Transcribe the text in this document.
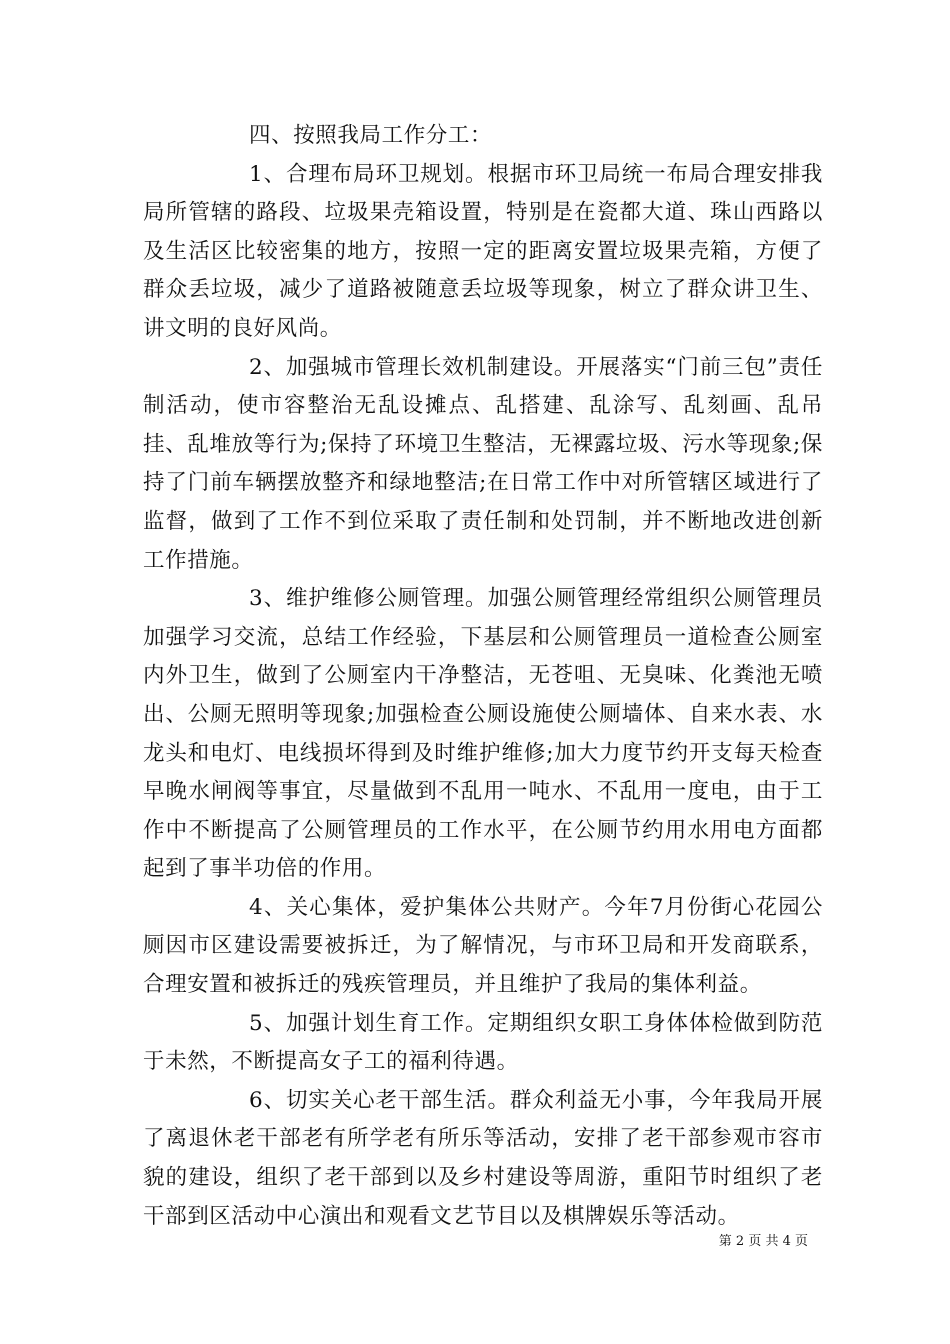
四、按照我局工作分工：

1、合理布局环卫规划。根据市环卫局统一布局合理安排我局所管辖的路段、垃圾果壳箱设置，特别是在瓷都大道、珠山西路以及生活区比较密集的地方，按照一定的距离安置垃圾果壳箱，方便了群众丢垃圾，减少了道路被随意丢垃圾等现象，树立了群众讲卫生、讲文明的良好风尚。

2、加强城市管理长效机制建设。开展落实“门前三包”责任制活动，使市容整治无乱设摊点、乱搭建、乱涂写、乱刻画、乱吊挂、乱堆放等行为;保持了环境卫生整洁，无裸露垃圾、污水等现象;保持了门前车辆摆放整齐和绿地整洁;在日常工作中对所管辖区域进行了监督，做到了工作不到位采取了责任制和处罚制，并不断地改进创新工作措施。

3、维护维修公厕管理。加强公厕管理经常组织公厕管理员加强学习交流，总结工作经验，下基层和公厕管理员一道检查公厕室内外卫生，做到了公厕室内干净整洁，无苍咀、无臭味、化粪池无喷出、公厕无照明等现象;加强检查公厕设施使公厕墙体、自来水表、水龙头和电灯、电线损坏得到及时维护维修;加大力度节约开支每天检查早晚水闸阀等事宜，尽量做到不乱用一吨水、不乱用一度电，由于工作中不断提高了公厕管理员的工作水平，在公厕节约用水用电方面都起到了事半功倍的作用。

4、关心集体，爱护集体公共财产。今年7月份街心花园公厕因市区建设需要被拆迁，为了解情况，与市环卫局和开发商联系，合理安置和被拆迁的残疾管理员，并且维护了我局的集体利益。

5、加强计划生育工作。定期组织女职工身体体检做到防范于未然，不断提高女子工的福利待遇。

6、切实关心老干部生活。群众利益无小事，今年我局开展了离退休老干部老有所学老有所乐等活动，安排了老干部参观市容市貌的建设，组织了老干部到以及乡村建设等周游，重阳节时组织了老干部到区活动中心演出和观看文艺节目以及棋牌娱乐等活动。

第 2 页 共 4 页
